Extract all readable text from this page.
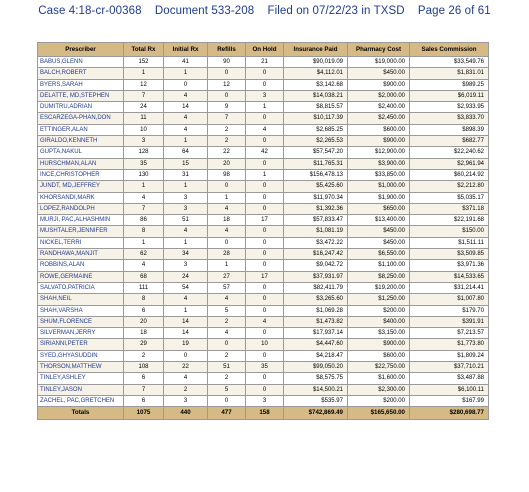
Case 4:18-cr-00368 Document 533-208 Filed on 07/22/23 in TXSD Page 26 of 61
Prescriber	Total Rx	Initial Rx	Refills	On Hold	Insurance Paid	Pharmacy Cost	Sales Commission
BABUS,GLENN	152	41	90	21	$90,019.09	$19,000.00	$33,549.76
BALCH,ROBERT	1	1	0	0	$4,112.01	$450.00	$1,831.01
BYERS,SARAH	12	0	12	0	$3,142.68	$900.00	$989.25
DELATTE, MD,STEPHEN	7	4	0	3	$14,038.21	$2,000.00	$6,019.11
DUMITRU,ADRIAN	24	14	9	1	$8,815.57	$2,400.00	$2,933.95
ESCARZEGA-PHAN,DON	11	4	7	0	$10,117.39	$2,450.00	$3,833.70
ETTINGER,ALAN	10	4	2	4	$2,685.25	$600.00	$898.39
GIRALDO,KENNETH	3	1	2	0	$2,265.53	$900.00	$682.77
GUPTA,NAKUL	128	64	22	42	$57,547.20	$12,900.00	$22,240.62
HURSCHMAN,ALAN	35	15	20	0	$11,765.31	$3,900.00	$2,961.94
INCE,CHRISTOPHER	130	31	98	1	$156,478.13	$33,850.00	$60,214.92
JUNDT, MD,JEFFREY	1	1	0	0	$5,425.60	$1,000.00	$2,212.80
KHORSANDI,MARK	4	3	1	0	$11,970.34	$1,900.00	$5,035.17
LOPEZ,RANDOLPH	7	3	4	0	$1,392.36	$650.00	$371.18
MURJI, PAC,ALHASHMIN	86	51	18	17	$57,833.47	$13,400.00	$22,191.68
MUSHTALER,JENNIFER	8	4	4	0	$1,081.19	$450.00	$150.00
NICKEL,TERRI	1	1	0	0	$3,472.22	$450.00	$1,511.11
RANDHAWA,MANJIT	62	34	28	0	$16,247.42	$6,550.00	$3,509.85
ROBBINS,ALAN	4	3	1	0	$9,042.72	$1,100.00	$3,971.36
ROWE,GERMAINE	68	24	27	17	$37,931.97	$8,250.00	$14,533.65
SALVATO,PATRICIA	111	54	57	0	$82,411.79	$19,200.00	$31,214.41
SHAH,NEIL	8	4	4	0	$3,265.60	$1,250.00	$1,007.80
SHAH,VARSHA	6	1	5	0	$1,069.28	$200.00	$179.70
SHUM,FLORENCE	20	14	2	4	$1,473.82	$400.00	$391.91
SILVERMAN,JERRY	18	14	4	0	$17,937.14	$3,150.00	$7,213.57
SIRIANNI,PETER	29	19	0	10	$4,447.60	$900.00	$1,773.80
SYED,GHYASUDDIN	2	0	2	0	$4,218.47	$600.00	$1,809.24
THORSON,MATTHEW	108	22	51	35	$99,050.20	$22,750.00	$37,710.21
TINLEY,ASHLEY	6	4	2	0	$8,575.75	$1,600.00	$3,487.88
TINLEY,JASON	7	2	5	0	$14,500.21	$2,300.00	$6,100.11
ZACHEL, PAC,GRETCHEN	6	3	0	3	$535.97	$200.00	$167.99
Totals	1075	440	477	158	$742,869.49	$165,650.00	$280,698.77
